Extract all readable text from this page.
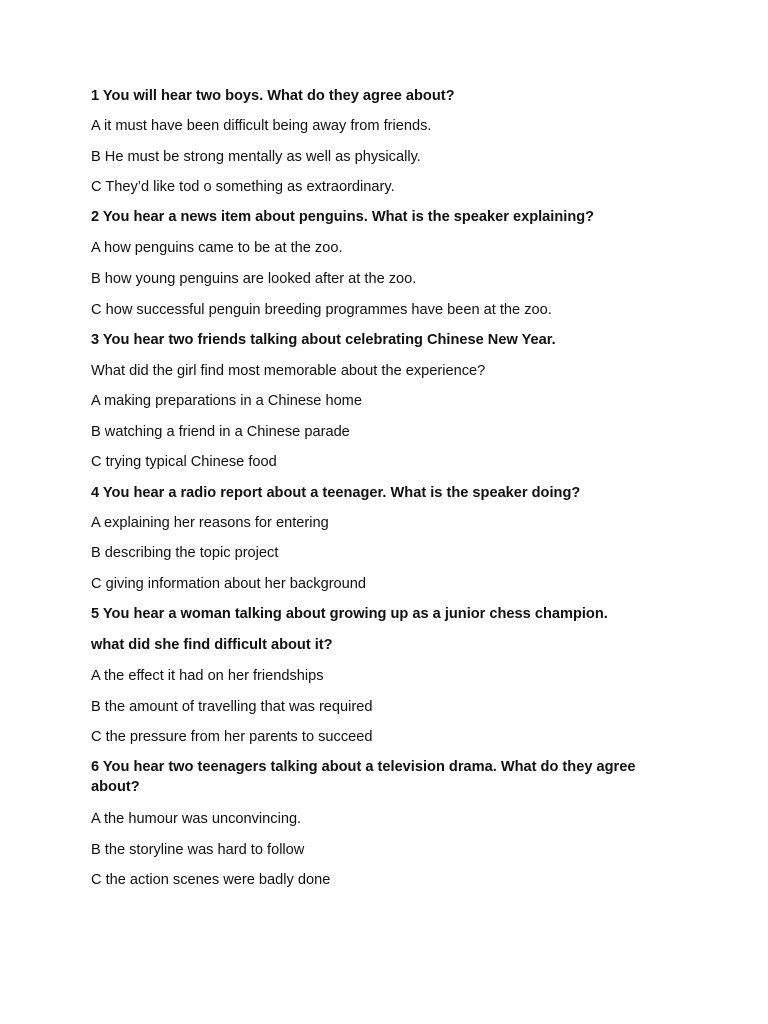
1 You will hear two boys. What do they agree about?
A it must have been difficult being away from friends.
B He must be strong mentally as well as physically.
C They’d like tod o something as extraordinary.
2 You hear a news item about penguins. What is the speaker explaining?
A how penguins came to be at the zoo.
B how young penguins are looked after at the zoo.
C how successful penguin breeding programmes have been at the zoo.
3 You hear two friends talking about celebrating Chinese New Year.
What did the girl find most memorable about the experience?
A making preparations in a Chinese home
B watching a friend in a Chinese parade
C trying typical Chinese food
4 You hear a radio report about a teenager. What is the speaker doing?
A explaining her reasons for entering
B describing the topic project
C giving information about her background
5 You hear a woman talking about growing up as a junior chess champion.
what did she find difficult about it?
A the effect it had on her friendships
B the amount of travelling that was required
C the pressure from her parents to succeed
6 You hear two teenagers talking about a television drama. What do they agree about?
A the humour was unconvincing.
B the storyline was hard to follow
C the action scenes were badly done
